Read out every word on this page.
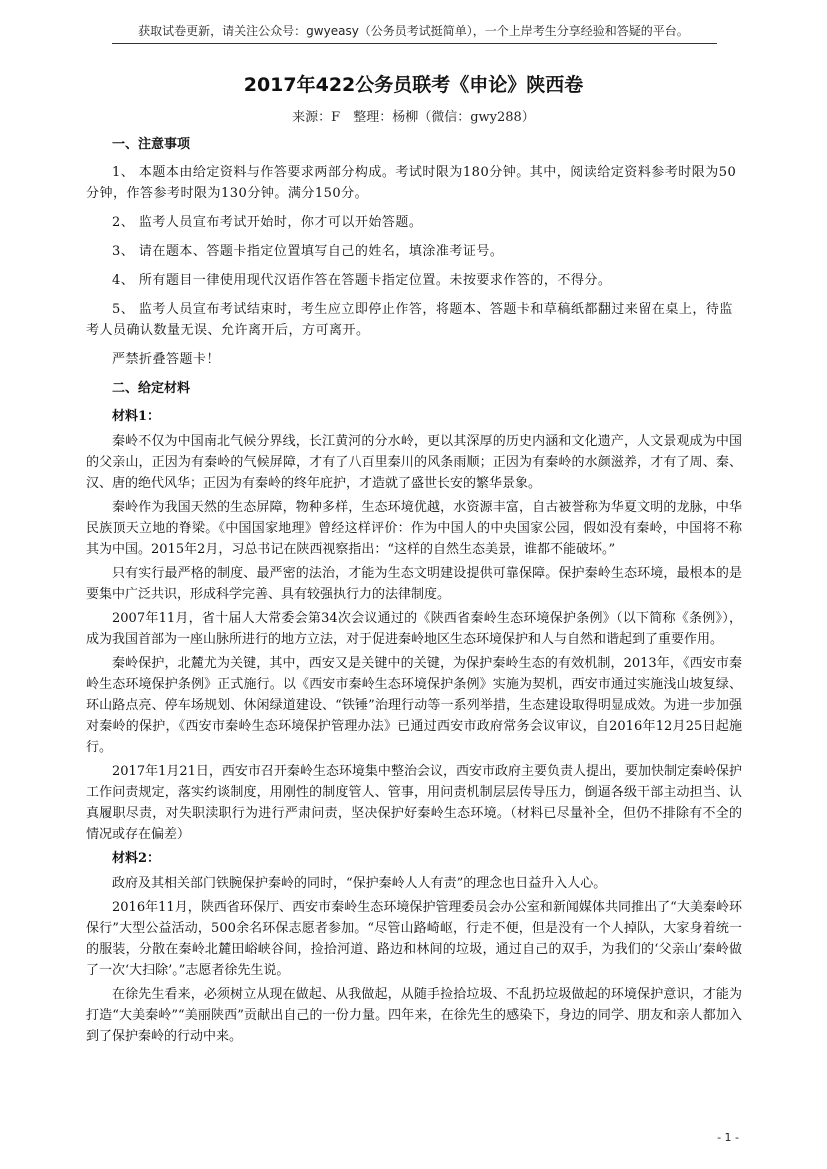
获取试卷更新，请关注公众号：gwyeasy（公务员考试挺简单），一个上岸考生分享经验和答疑的平台。
2017年422公务员联考《申论》陕西卷
来源：F　整理：杨柳（微信：gwy288）
一、注意事项

1、 本题本由给定资料与作答要求两部分构成。考试时限为180分钟。其中，阅读给定资料参考时限为50分钟，作答参考时限为130分钟。满分150分。

2、 监考人员宣布考试开始时，你才可以开始答题。

3、 请在题本、答题卡指定位置填写自己的姓名，填涂准考证号。

4、 所有题目一律使用现代汉语作答在答题卡指定位置。未按要求作答的，不得分。

5、 监考人员宣布考试结束时，考生应立即停止作答，将题本、答题卡和草稿纸都翻过来留在桌上，待监考人员确认数量无误、允许离开后，方可离开。

严禁折叠答题卡！

二、给定材料
材料1：

秦岭不仅为中国南北气候分界线，长江黄河的分水岭，更以其深厚的历史内涵和文化遗产，人文景观成为中国的父亲山，正因为有秦岭的气候屏障，才有了八百里秦川的风条雨顺；正因为有秦岭的水颜滋养，才有了周、秦、汉、唐的绝代风华；正因为有秦岭的终年庇护，才造就了盛世长安的繁华景象。

秦岭作为我国天然的生态屏障，物种多样，生态环境优越，水资源丰富，自古被誉称为华夏文明的龙脉，中华民族顶天立地的脊梁。《中国国家地理》曾经这样评价：作为中国人的中央国家公园，假如没有秦岭，中国将不称其为中国。2015年2月，习总书记在陕西视察指出：“这样的自然生态美景，谁都不能破坏。”

只有实行最严格的制度、最严密的法治，才能为生态文明建设提供可靠保障。保护秦岭生态环境，最根本的是要集中广泛共识，形成科学完善、具有较强执行力的法律制度。

2007年11月，省十届人大常委会第34次会议通过的《陕西省秦岭生态环境保护条例》（以下简称《条例》），成为我国首部为一座山脉所进行的地方立法，对于促进秦岭地区生态环境保护和人与自然和谐起到了重要作用。

秦岭保护，北麓尤为关键，其中，西安又是关键中的关键，为保护秦岭生态的有效机制，2013年，《西安市秦岭生态环境保护条例》正式施行。以《西安市秦岭生态环境保护条例》实施为契机，西安市通过实施浅山坡复绿、环山路点亮、停车场规划、休闲绿道建设、“铁锤”治理行动等一系列举措，生态建设取得明显成效。为进一步加强对秦岭的保护，《西安市秦岭生态环境保护管理办法》已通过西安市政府常务会议审议，自2016年12月25日起施行。

2017年1月21日，西安市召开秦岭生态环境集中整治会议，西安市政府主要负责人提出，要加快制定秦岭保护工作问责规定，落实约谈制度，用刚性的制度管人、管事，用问责机制层层传导压力，倒逼各级干部主动担当、认真履职尽责，对失职渎职行为进行严肃问责，坚决保护好秦岭生态环境。（材料已尽量补全，但仍不排除有不全的情况或存在偏差）

材料2：

政府及其相关部门铁腕保护秦岭的同时，“保护秦岭人人有责”的理念也日益升入人心。

2016年11月，陕西省环保厅、西安市秦岭生态环境保护管理委员会办公室和新闻媒体共同推出了“大美秦岭环保行”大型公益活动，500余名环保志愿者参加。“尽管山路崎岖，行走不便，但是没有一个人掉队，大家身着统一的服装，分散在秦岭北麓田峪峡谷间，捡拾河道、路边和林间的垃圾，通过自己的双手，为我们的‘父亲山’秦岭做了一次‘大扫除’。”志愿者徐先生说。

在徐先生看来，必须树立从现在做起、从我做起，从随手捡拾垃圾、不乱扔垃圾做起的环境保护意识，才能为打造“大美秦岭”“美丽陕西”贡献出自己的一份力量。四年来，在徐先生的感染下，身边的同学、朋友和亲人都加入到了保护秦岭的行动中来。

- 1 -
